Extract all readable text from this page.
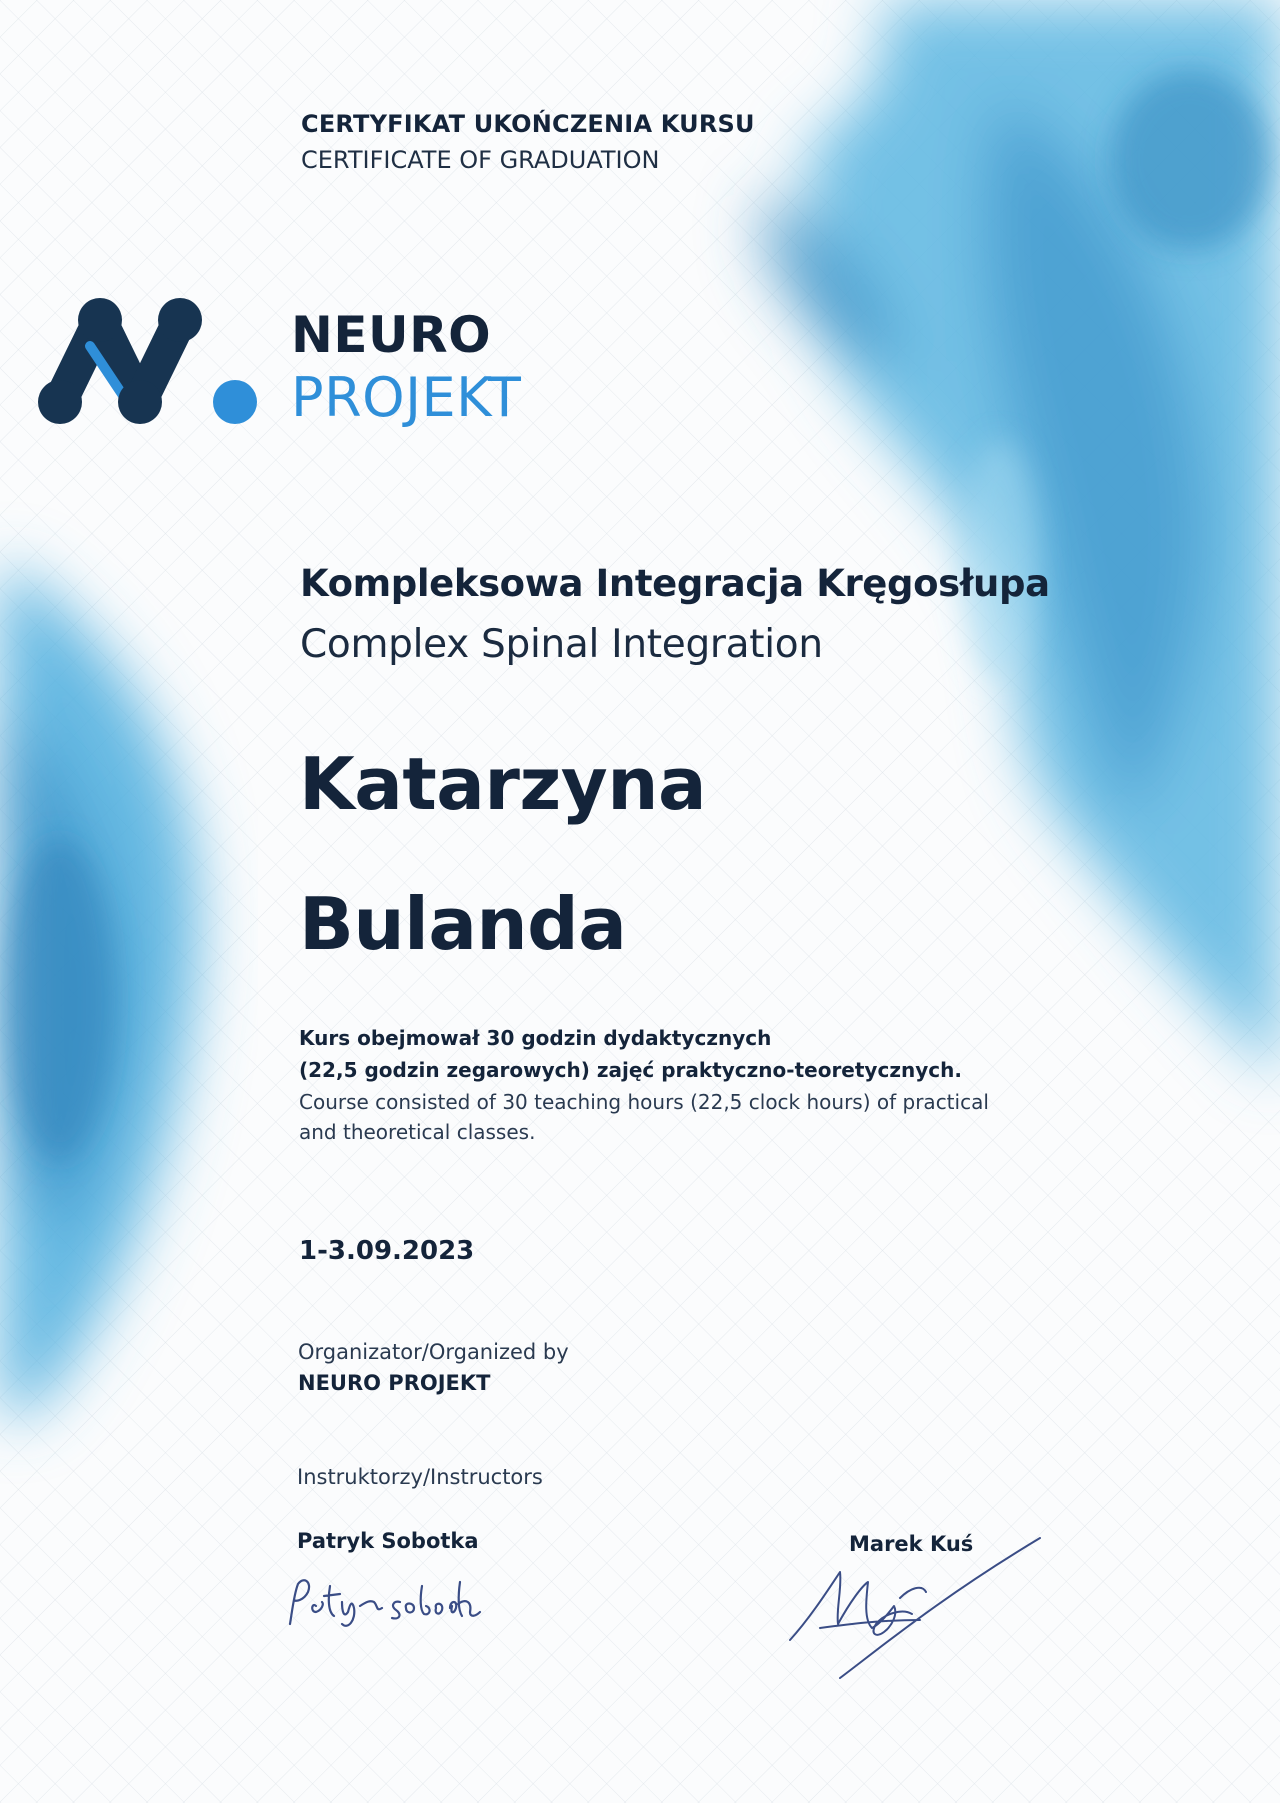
CERTYFIKAT UKOŃCZENIA KURSU

CERTIFICATE OF GRADUATION

NEURO
PROJEKT
Kompleksowa Integracja Kręgosłupa
Complex Spinal Integration
Katarzyna
Bulanda

Kurs obejmował 30 godzin dydaktycznych

(22,5 godzin zegarowych) zajęć praktyczno-teoretycznych.

Course consisted of 30 teaching hours (22,5 clock hours) of practical

and theoretical classes.

1-3.09.2023

Organizator/Organized by

NEURO PROJEKT

Instruktorzy/Instructors

Patryk Sobotka	Marek Kuś
